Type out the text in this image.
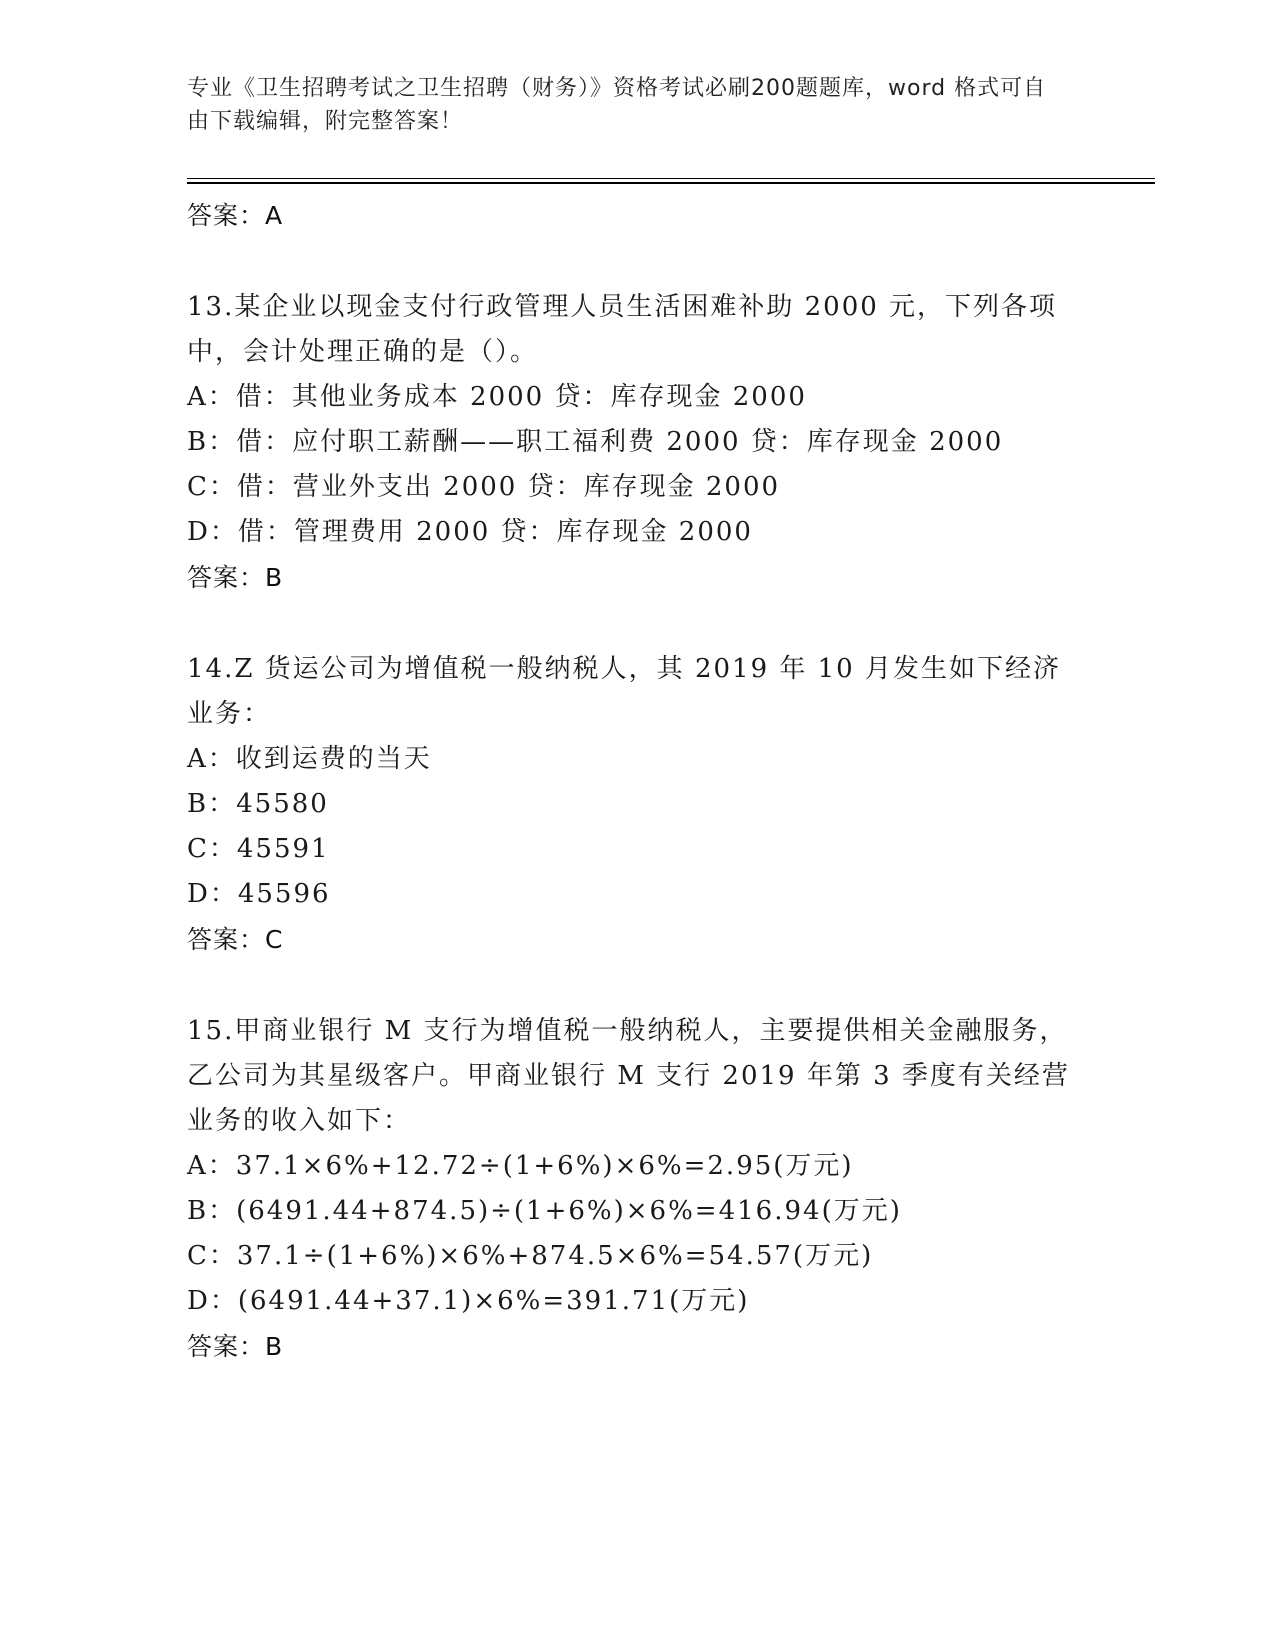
专业《卫生招聘考试之卫生招聘（财务）》资格考试必刷200题题库，word 格式可自由下载编辑，附完整答案！
答案：A
13.某企业以现金支付行政管理人员生活困难补助 2000 元，下列各项中，会计处理正确的是（）。
A：借：其他业务成本 2000 贷：库存现金 2000
B：借：应付职工薪酬——职工福利费 2000 贷：库存现金 2000
C：借：营业外支出 2000 贷：库存现金 2000
D：借：管理费用 2000 贷：库存现金 2000
答案：B
14.Z 货运公司为增值税一般纳税人，其 2019 年 10 月发生如下经济业务：
A：收到运费的当天
B：45580
C：45591
D：45596
答案：C
15.甲商业银行 M 支行为增值税一般纳税人，主要提供相关金融服务，乙公司为其星级客户。甲商业银行 M 支行 2019 年第 3 季度有关经营业务的收入如下：
A：37.1×6%+12.72÷(1+6%)×6%=2.95(万元)
B：(6491.44+874.5)÷(1+6%)×6%=416.94(万元)
C：37.1÷(1+6%)×6%+874.5×6%=54.57(万元)
D：(6491.44+37.1)×6%=391.71(万元)
答案：B
